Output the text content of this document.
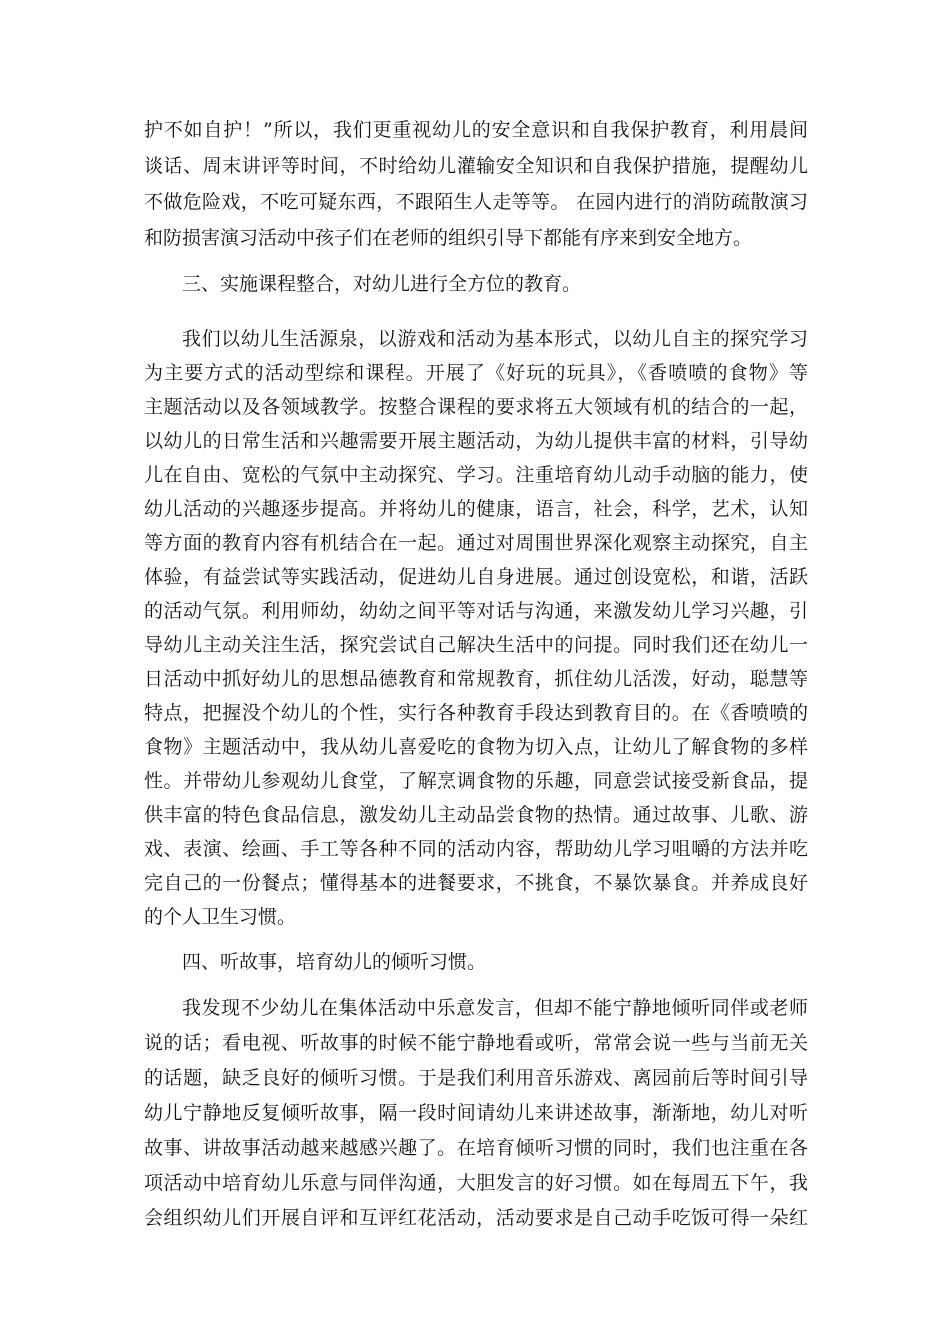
护不如自护！”所以，我们更重视幼儿的安全意识和自我保护教育，利用晨间
谈话、周末讲评等时间，不时给幼儿灌输安全知识和自我保护措施，提醒幼儿
不做危险戏，不吃可疑东西，不跟陌生人走等等。 在园内进行的消防疏散演习
和防损害演习活动中孩子们在老师的组织引导下都能有序来到安全地方。
三、实施课程整合，对幼儿进行全方位的教育。
我们以幼儿生活源泉，以游戏和活动为基本形式，以幼儿自主的探究学习
为主要方式的活动型综和课程。开展了《好玩的玩具》，《香喷喷的食物》等
主题活动以及各领域教学。按整合课程的要求将五大领域有机的结合的一起，
以幼儿的日常生活和兴趣需要开展主题活动，为幼儿提供丰富的材料，引导幼
儿在自由、宽松的气氛中主动探究、学习。注重培育幼儿动手动脑的能力，使
幼儿活动的兴趣逐步提高。并将幼儿的健康，语言，社会，科学，艺术，认知
等方面的教育内容有机结合在一起。通过对周围世界深化观察主动探究，自主
体验，有益尝试等实践活动，促进幼儿自身进展。通过创设宽松，和谐，活跃
的活动气氛。利用师幼，幼幼之间平等对话与沟通，来激发幼儿学习兴趣，引
导幼儿主动关注生活，探究尝试自己解决生活中的问提。同时我们还在幼儿一
日活动中抓好幼儿的思想品德教育和常规教育，抓住幼儿活泼，好动，聪慧等
特点，把握没个幼儿的个性，实行各种教育手段达到教育目的。在《香喷喷的
食物》主题活动中，我从幼儿喜爱吃的食物为切入点，让幼儿了解食物的多样
性。并带幼儿参观幼儿食堂，了解烹调食物的乐趣，同意尝试接受新食品，提
供丰富的特色食品信息，激发幼儿主动品尝食物的热情。通过故事、儿歌、游
戏、表演、绘画、手工等各种不同的活动内容，帮助幼儿学习咀嚼的方法并吃
完自己的一份餐点；懂得基本的进餐要求，不挑食，不暴饮暴食。并养成良好
的个人卫生习惯。
四、听故事，培育幼儿的倾听习惯。
我发现不少幼儿在集体活动中乐意发言，但却不能宁静地倾听同伴或老师
说的话；看电视、听故事的时候不能宁静地看或听，常常会说一些与当前无关
的话题，缺乏良好的倾听习惯。于是我们利用音乐游戏、离园前后等时间引导
幼儿宁静地反复倾听故事，隔一段时间请幼儿来讲述故事，渐渐地，幼儿对听
故事、讲故事活动越来越感兴趣了。在培育倾听习惯的同时，我们也注重在各
项活动中培育幼儿乐意与同伴沟通，大胆发言的好习惯。如在每周五下午，我
会组织幼儿们开展自评和互评红花活动，活动要求是自己动手吃饭可得一朵红
